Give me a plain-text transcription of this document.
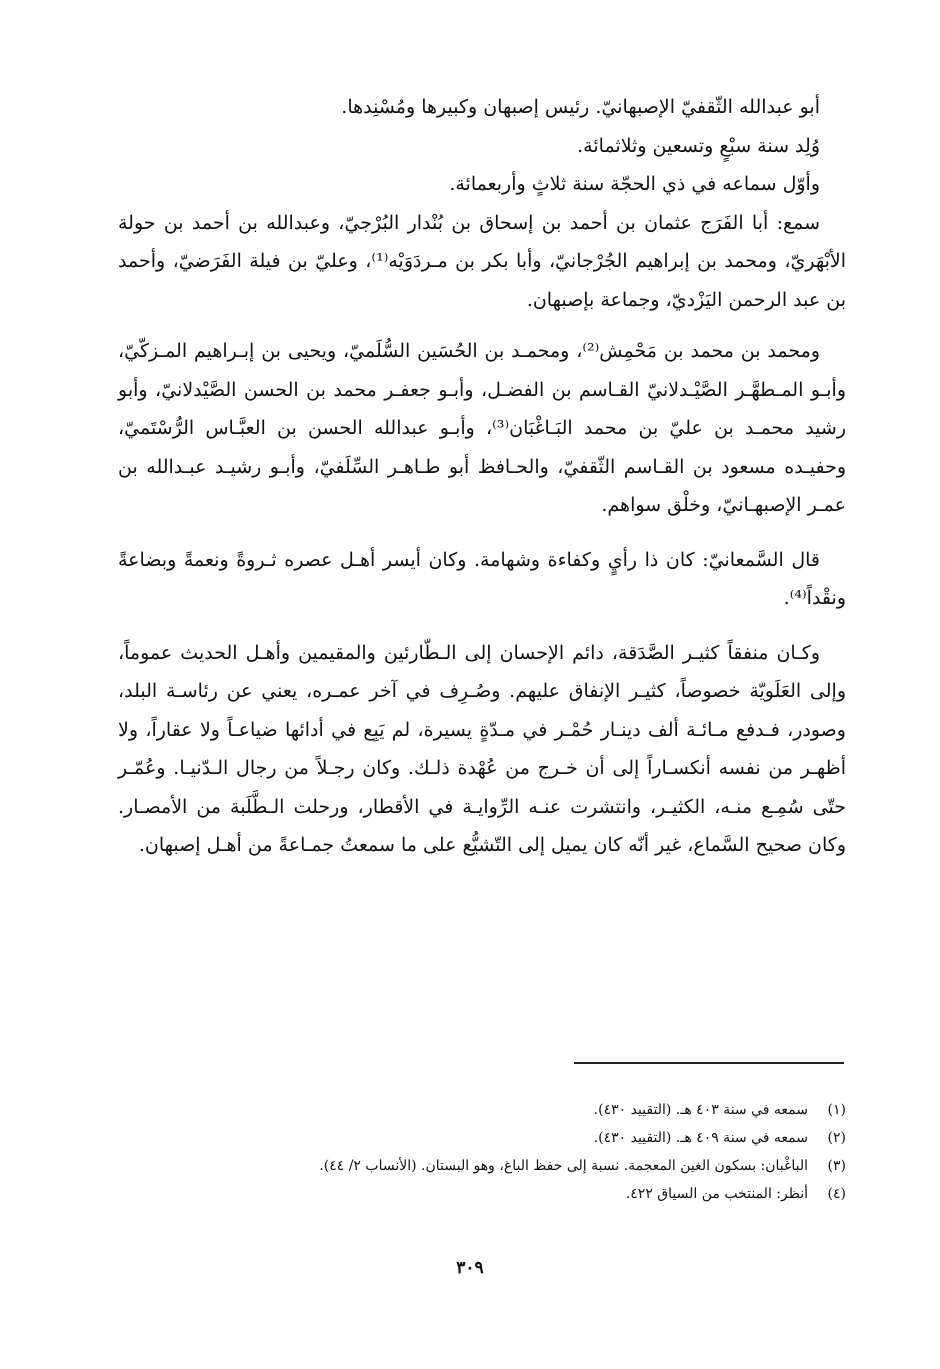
أبو عبدالله الثّقفيّ الإصبهانيّ. رئيس إصبهان وكبيرها ومُسْنِدها.

وُلِد سنة سبْعٍ وتسعين وثلاثمائة.

وأوّل سماعه في ذي الحجّة سنة ثلاثٍ وأربعمائة.

سمع: أبا الفَرَج عثمان بن أحمد بن إسحاق بن بُنْدار البُرْجيّ، وعبدالله بن أحمد بن حولة الأبْهَريّ، ومحمد بن إبراهيم الجُرْجانيّ، وأبا بكر بن مـردَوَيْه⁽¹⁾، وعليّ بن فيلة الفَرَضيّ، وأحمد بن عبد الرحمن اليَزْديّ، وجماعة بإصبهان.

ومحمد بن محمد بن مَحْمِش⁽²⁾، ومحمـد بن الحُسَين السُّلَميّ، ويحيى بن إبـراهيم المـزكّيّ، وأبـو المـطهَّـر الصَّيْـدلانيّ القـاسم بن الفضـل، وأبـو جعفـر محمد بن الحسن الصَّيْدلانيّ، وأبو رشيد محمـد بن عليّ بن محمد البَـاغْبَان⁽³⁾، وأبـو عبدالله الحسن بن العبَّـاس الرُّسْتَميّ، وحفيـده مسعود بن القـاسم الثّقفيّ، والحـافظ أبو طـاهـر السِّلَفيّ، وأبـو رشيـد عبـدالله بن عمـر الإصبهـانيّ، وخلْق سواهم.

قال السَّمعانيّ: كان ذا رأيٍ وكفاءة وشهامة. وكان أيسر أهـل عصره ثـروةً ونعمةً وبضاعةً ونقْداً⁽⁴⁾.

وكـان منفقاً كثيـر الصَّدَقة، دائم الإحسان إلى الـطّارئين والمقيمين وأهـل الحديث عموماً، وإلى العَلَويّة خصوصاً، كثيـر الإنفاق عليهم. وصُـرِف في آخر عمـره، يعني عن رئاسـة البلد، وصودر، فـدفع مـائـة ألف دينـار حُمْـر في مـدّةٍ يسيرة، لم يَبِع في أدائها ضياعـاً ولا عقاراً، ولا أظهـر من نفسه أنكسـاراً إلى أن خـرج من عُهْدة ذلـك. وكان رجـلاً من رجال الـدّنيـا. وعُمّـر حتّى سُمِـع منـه، الكثيـر، وانتشرت عنـه الرِّوايـة في الأقطار، ورحلت الـطَّلَبة من الأمصـار. وكان صحيح السَّماع، غير أنّه كان يميل إلى التّشيُّع على ما سمعتُ جمـاعةً من أهـل إصبهان.

(١)
سمعه في سنة ٤٠٣ هـ. (التقييد ٤٣٠).
(٢)
سمعه في سنة ٤٠٩ هـ. (التقييد ٤٣٠).
(٣)
الباغْبان: بسكون الغين المعجمة. نسبة إلى حفظ الباغ، وهو البستان. (الأنساب ٢/ ٤٤).
(٤)
أنظر: المنتخب من السياق ٤٢٢.
٣٠٩
